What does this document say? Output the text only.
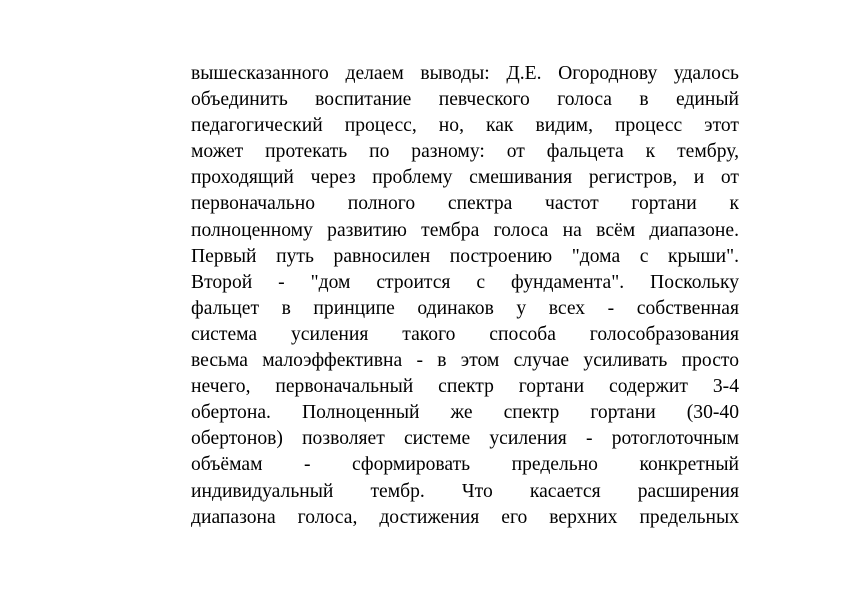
вышесказанного делаем выводы: Д.Е. Огороднову удалось
объединить воспитание певческого голоса в единый
педагогический процесс, но, как видим, процесс этот
может протекать по разному: от фальцета к тембру,
проходящий через проблему смешивания регистров, и от
первоначально полного спектра частот гортани к
полноценному развитию тембра голоса на всём диапазоне.
Первый путь равносилен построению "дома с крыши".
Второй - "дом строится с фундамента". Поскольку
фальцет в принципе одинаков у всех - собственная
система усиления такого способа голособразования
весьма малоэффективна - в этом случае усиливать просто
нечего, первоначальный спектр гортани содержит 3-4
обертона. Полноценный же спектр гортани (30-40
обертонов) позволяет системе усиления - ротоглоточным
объёмам - сформировать предельно конкретный
индивидуальный тембр. Что касается расширения
диапазона голоса, достижения его верхних предельных
